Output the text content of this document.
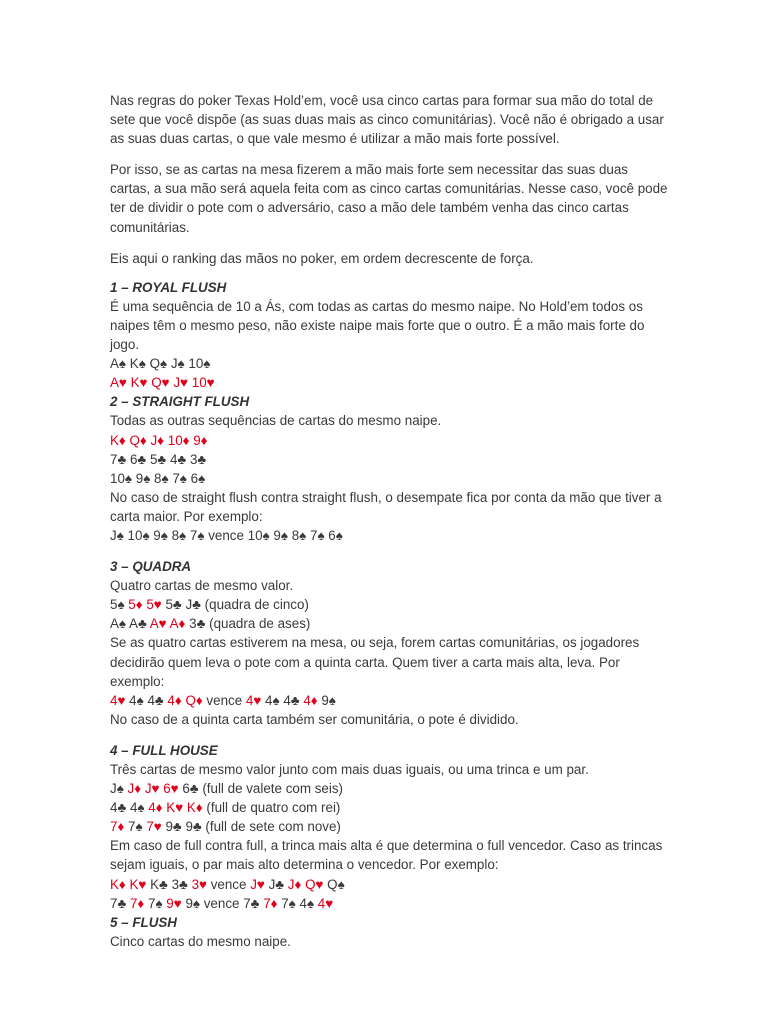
Nas regras do poker Texas Hold’em, você usa cinco cartas para formar sua mão do total de sete que você dispõe (as suas duas mais as cinco comunitárias). Você não é obrigado a usar as suas duas cartas, o que vale mesmo é utilizar a mão mais forte possível.

Por isso, se as cartas na mesa fizerem a mão mais forte sem necessitar das suas duas cartas, a sua mão será aquela feita com as cinco cartas comunitárias. Nesse caso, você pode ter de dividir o pote com o adversário, caso a mão dele também venha das cinco cartas comunitárias.

Eis aqui o ranking das mãos no poker, em ordem decrescente de força.

1 – ROYAL FLUSH

É uma sequência de 10 a Ás, com todas as cartas do mesmo naipe. No Hold’em todos os naipes têm o mesmo peso, não existe naipe mais forte que o outro. É a mão mais forte do jogo.

A♠ K♠ Q♠ J♠ 10♠

A♥ K♥ Q♥ J♥ 10♥

2 – STRAIGHT FLUSH

Todas as outras sequências de cartas do mesmo naipe.

K♦ Q♦ J♦ 10♦ 9♦

7♣ 6♣ 5♣ 4♣ 3♣

10♠ 9♠ 8♠ 7♠ 6♠

No caso de straight flush contra straight flush, o desempate fica por conta da mão que tiver a carta maior. Por exemplo:

J♠ 10♠ 9♠ 8♠ 7♠ vence 10♠ 9♠ 8♠ 7♠ 6♠

3 – QUADRA

Quatro cartas de mesmo valor.

5♠ 5♦ 5♥ 5♣ J♣ (quadra de cinco)

A♠ A♣ A♥ A♦ 3♣ (quadra de ases)

Se as quatro cartas estiverem na mesa, ou seja, forem cartas comunitárias, os jogadores decidirão quem leva o pote com a quinta carta. Quem tiver a carta mais alta, leva. Por exemplo:

4♥ 4♠ 4♣ 4♦ Q♦ vence 4♥ 4♠ 4♣ 4♦ 9♠

No caso de a quinta carta também ser comunitária, o pote é dividido.

4 – FULL HOUSE

Três cartas de mesmo valor junto com mais duas iguais, ou uma trinca e um par.

J♠ J♦ J♥ 6♥ 6♣ (full de valete com seis)

4♣ 4♠ 4♦ K♥ K♦ (full de quatro com rei)

7♦ 7♠ 7♥ 9♣ 9♣ (full de sete com nove)

Em caso de full contra full, a trinca mais alta é que determina o full vencedor. Caso as trincas sejam iguais, o par mais alto determina o vencedor. Por exemplo:

K♦ K♥ K♣ 3♣ 3♥ vence J♥ J♣ J♦ Q♥ Q♠

7♣ 7♦ 7♠ 9♥ 9♠ vence 7♣ 7♦ 7♠ 4♠ 4♥

5 – FLUSH

Cinco cartas do mesmo naipe.
